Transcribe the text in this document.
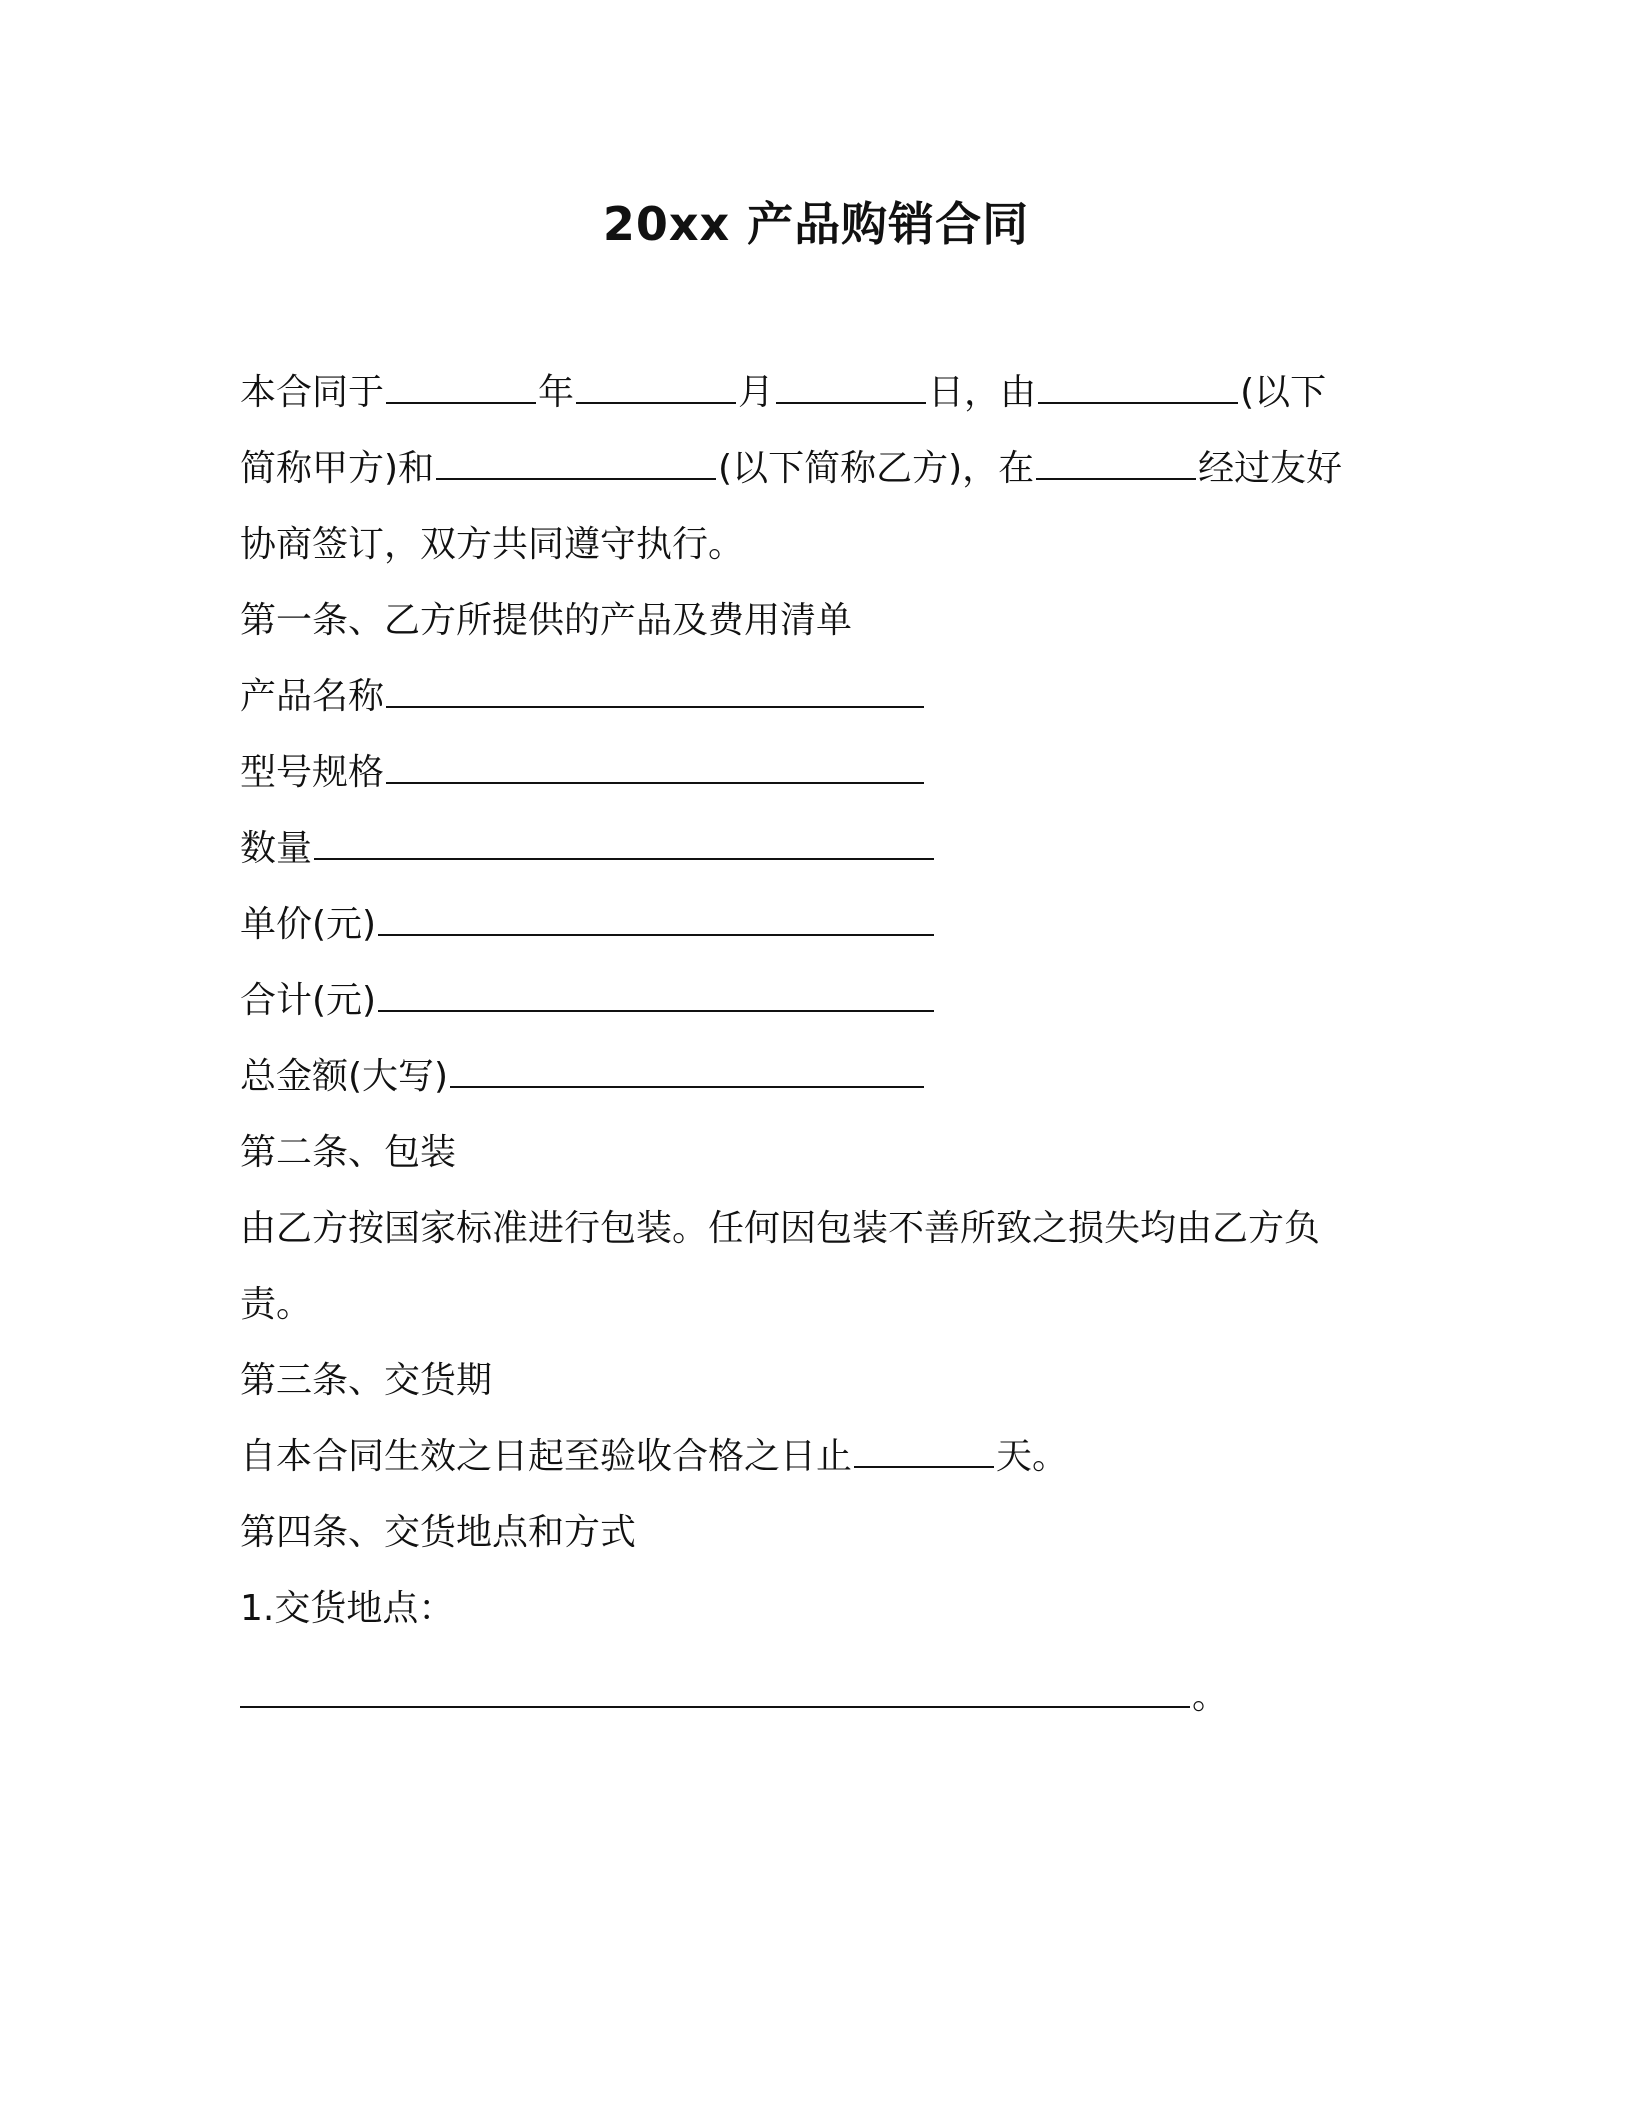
20xx 产品购销合同
本合同于	年	月	日，由	(以下
简称甲方)和	(以下简称乙方)，在	经过友好
协商签订，双方共同遵守执行。
第一条、乙方所提供的产品及费用清单
产品名称
型号规格
数量
单价(元)
合计(元)
总金额(大写)
第二条、包装
由乙方按国家标准进行包装。任何因包装不善所致之损失均由乙方负
责。
第三条、交货期
自本合同生效之日起至验收合格之日止	天。
第四条、交货地点和方式
1.交货地点：
。
